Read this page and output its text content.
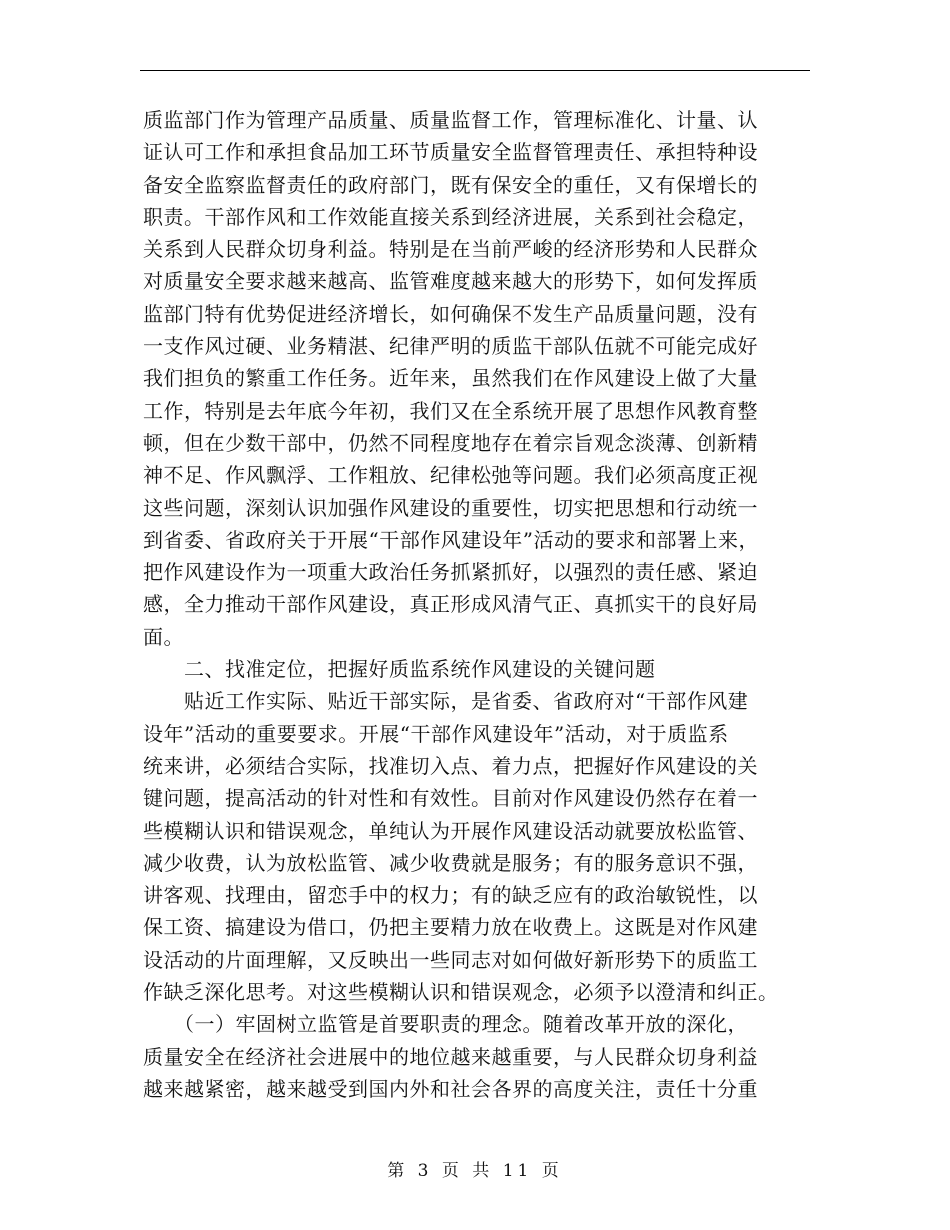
质监部门作为管理产品质量、质量监督工作，管理标准化、计量、认
证认可工作和承担食品加工环节质量安全监督管理责任、承担特种设
备安全监察监督责任的政府部门，既有保安全的重任，又有保增长的
职责。干部作风和工作效能直接关系到经济进展，关系到社会稳定，
关系到人民群众切身利益。特别是在当前严峻的经济形势和人民群众
对质量安全要求越来越高、监管难度越来越大的形势下，如何发挥质
监部门特有优势促进经济增长，如何确保不发生产品质量问题，没有
一支作风过硬、业务精湛、纪律严明的质监干部队伍就不可能完成好
我们担负的繁重工作任务。近年来，虽然我们在作风建设上做了大量
工作，特别是去年底今年初，我们又在全系统开展了思想作风教育整
顿，但在少数干部中，仍然不同程度地存在着宗旨观念淡薄、创新精
神不足、作风飘浮、工作粗放、纪律松弛等问题。我们必须高度正视
这些问题，深刻认识加强作风建设的重要性，切实把思想和行动统一
到省委、省政府关于开展“干部作风建设年”活动的要求和部署上来，
把作风建设作为一项重大政治任务抓紧抓好，以强烈的责任感、紧迫
感，全力推动干部作风建设，真正形成风清气正、真抓实干的良好局
面。
　　二、找准定位，把握好质监系统作风建设的关键问题
　　贴近工作实际、贴近干部实际，是省委、省政府对“干部作风建
设年”活动的重要要求。开展“干部作风建设年”活动，对于质监系
统来讲，必须结合实际，找准切入点、着力点，把握好作风建设的关
键问题，提高活动的针对性和有效性。目前对作风建设仍然存在着一
些模糊认识和错误观念，单纯认为开展作风建设活动就要放松监管、
减少收费，认为放松监管、减少收费就是服务；有的服务意识不强，
讲客观、找理由，留恋手中的权力；有的缺乏应有的政治敏锐性，以
保工资、搞建设为借口，仍把主要精力放在收费上。这既是对作风建
设活动的片面理解，又反映出一些同志对如何做好新形势下的质监工
作缺乏深化思考。对这些模糊认识和错误观念，必须予以澄清和纠正。
　　（一）牢固树立监管是首要职责的理念。随着改革开放的深化，
质量安全在经济社会进展中的地位越来越重要，与人民群众切身利益
越来越紧密，越来越受到国内外和社会各界的高度关注，责任十分重
第 3 页 共 11 页
